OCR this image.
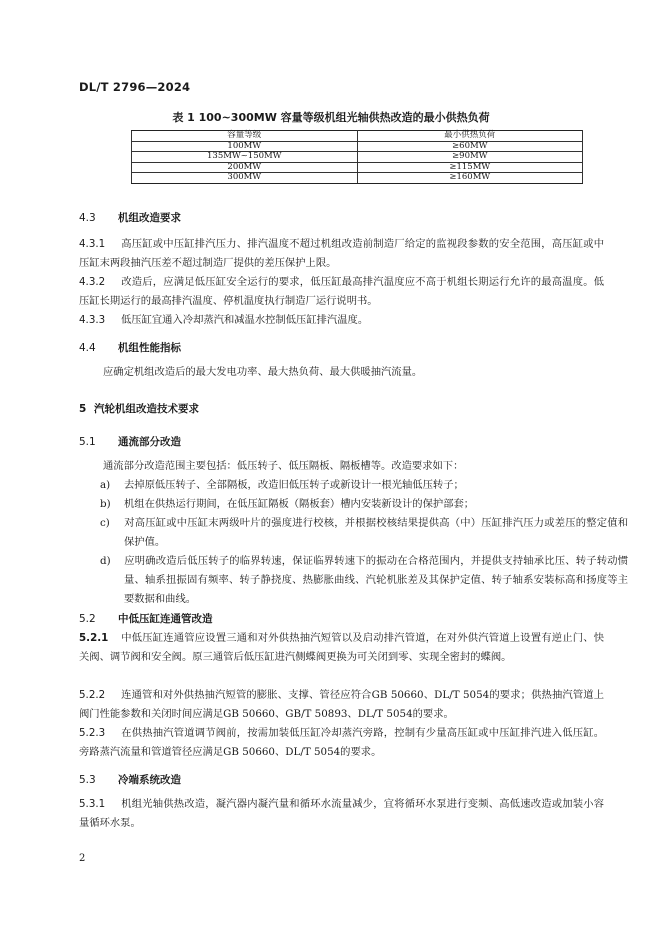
DL/T 2796—2024
表 1 100~300MW 容量等级机组光轴供热改造的最小供热负荷
容量等级	最小供热负荷
100MW	≥60MW
135MW~150MW	≥90MW
200MW	≥115MW
300MW	≥160MW
4.3 机组改造要求

4.3.1 高压缸或中压缸排汽压力、排汽温度不超过机组改造前制造厂给定的监视段参数的安全范围，高压缸或中压缸末两段抽汽压差不超过制造厂提供的差压保护上限。

4.3.2 改造后，应满足低压缸安全运行的要求，低压缸最高排汽温度应不高于机组长期运行允许的最高温度。低压缸长期运行的最高排汽温度、停机温度执行制造厂运行说明书。

4.3.3 低压缸宜通入冷却蒸汽和减温水控制低压缸排汽温度。

4.4 机组性能指标

应确定机组改造后的最大发电功率、最大热负荷、最大供暖抽汽流量。

5 汽轮机组改造技术要求
5.1 通流部分改造

通流部分改造范围主要包括：低压转子、低压隔板、隔板槽等。改造要求如下：

a) 去掉原低压转子、全部隔板，改造旧低压转子或新设计一根光轴低压转子；

b) 机组在供热运行期间，在低压缸隔板（隔板套）槽内安装新设计的保护部套；

c) 对高压缸或中压缸末两级叶片的强度进行校核，并根据校核结果提供高（中）压缸排汽压力或差压的整定值和保护值。

d) 应明确改造后低压转子的临界转速，保证临界转速下的振动在合格范围内，并提供支持轴承比压、转子转动惯量、轴系扭振固有频率、转子静挠度、热膨胀曲线、汽轮机胀差及其保护定值、转子轴系安装标高和扬度等主要数据和曲线。

5.2 中低压缸连通管改造

5.2.1 中低压缸连通管应设置三通和对外供热抽汽短管以及启动排汽管道，在对外供汽管道上设置有逆止门、快关阀、调节阀和安全阀。原三通管后低压缸进汽侧蝶阀更换为可关闭到零、实现全密封的蝶阀。

5.2.2 连通管和对外供热抽汽短管的膨胀、支撑、管径应符合GB 50660、DL/T 5054的要求；供热抽汽管道上阀门性能参数和关闭时间应满足GB 50660、GB/T 50893、DL/T 5054的要求。

5.2.3 在供热抽汽管道调节阀前，按需加装低压缸冷却蒸汽旁路，控制有少量高压缸或中压缸排汽进入低压缸。旁路蒸汽流量和管道管径应满足GB 50660、DL/T 5054的要求。

5.3 冷端系统改造

5.3.1 机组光轴供热改造，凝汽器内凝汽量和循环水流量减少，宜将循环水泵进行变频、高低速改造或加装小容量循环水泵。

2
